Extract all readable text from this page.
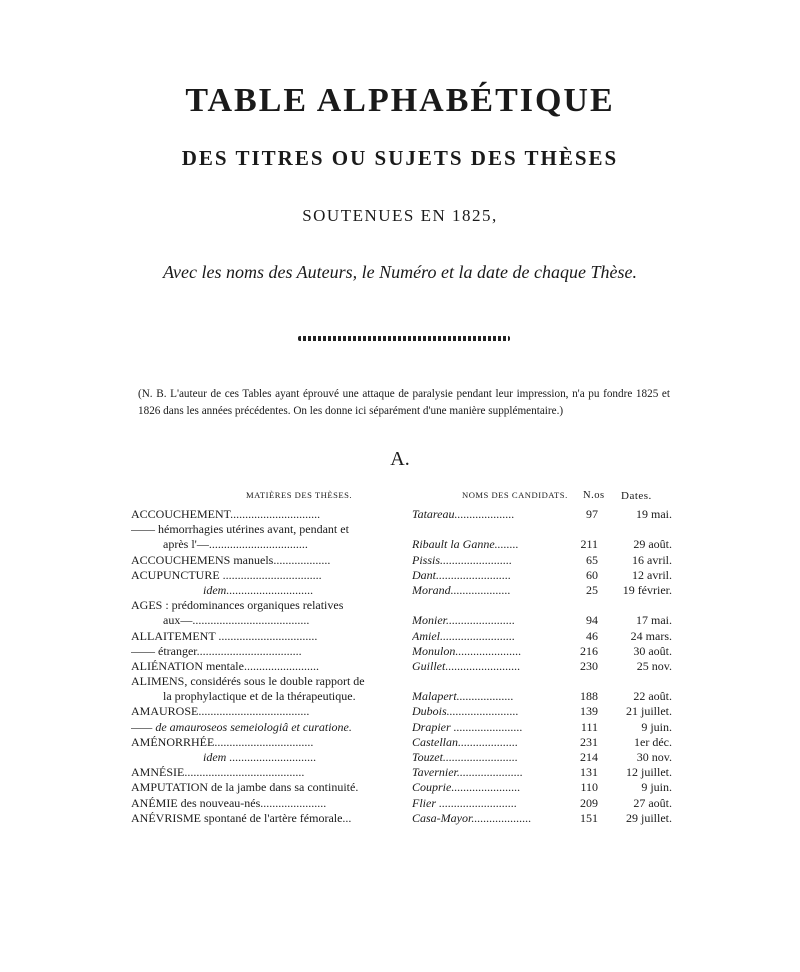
TABLE ALPHABÉTIQUE
DES TITRES OU SUJETS DES THÈSES
SOUTENUES EN 1825,
Avec les noms des Auteurs, le Numéro et la date de chaque Thèse.
(N. B. L'auteur de ces Tables ayant éprouvé une attaque de paralysie pendant leur impression, n'a pu fondre 1825 et 1826 dans les années précédentes. On les donne ici séparément d'une manière supplémentaire.)
A.
MATIÈRES DES THÈSES.	NOMS DES CANDIDATS. N.os Dates.
ACCOUCHEMENT..............................	Tatareau....................	97	19 mai.
—— hémorrhagies utérines avant, pendant et
après l'—.................................	Ribault la Ganne........	211	29 août.
ACCOUCHEMENS manuels...................	Pissis........................	65	16 avril.
ACUPUNCTURE .................................	Dant.........................	60	12 avril.
idem.............................	Morand....................	25	19 février.
AGES : prédominances organiques relatives
aux—.......................................	Monier.......................	94	17 mai.
ALLAITEMENT .................................	Amiel.........................	46	24 mars.
—— étranger...................................	Monulon......................	216	30 août.
ALIÉNATION mentale.........................	Guillet.........................	230	25 nov.
ALIMENS, considérés sous le double rapport de
la prophylactique et de la thérapeutique.	Malapert...................	188	22 août.
AMAUROSE.....................................	Dubois........................	139	21 juillet.
—— de amauroseos semeiologiâ et curatione.	Drapier .......................	111	9 juin.
AMÉNORRHÉE.................................	Castellan....................	231	1er déc.
idem .............................	Touzet.........................	214	30 nov.
AMNÉSIE........................................	Tavernier......................	131	12 juillet.
AMPUTATION de la jambe dans sa continuité.	Couprie.......................	110	9 juin.
ANÉMIE des nouveau-nés......................	Flier ..........................	209	27 août.
ANÉVRISME spontané de l'artère fémorale...	Casa-Mayor....................	151	29 juillet.
